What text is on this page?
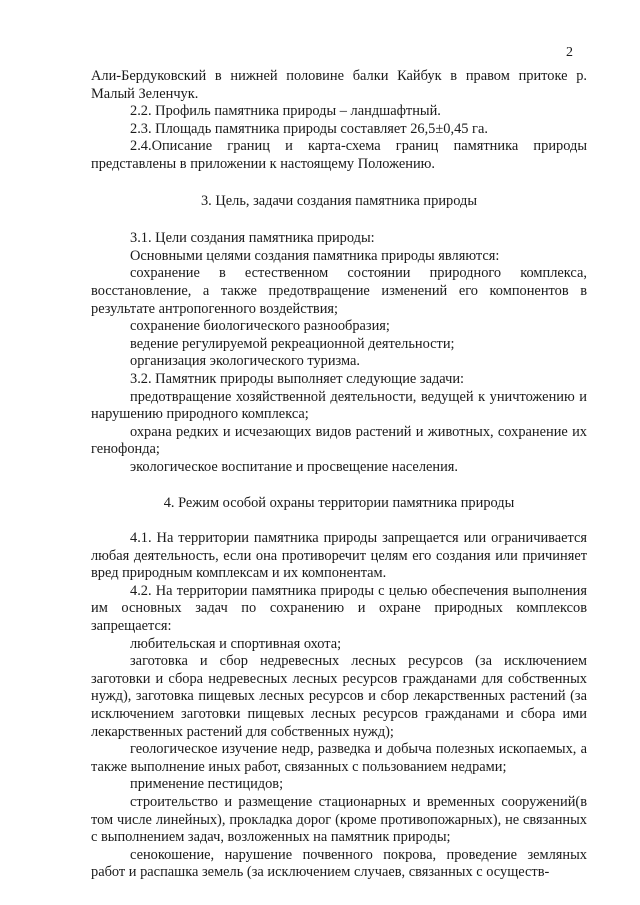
2

Али-Бердуковский в нижней половине балки Кайбук в правом притоке р. Малый Зеленчук.

2.2. Профиль памятника природы – ландшафтный.

2.3. Площадь памятника природы составляет 26,5±0,45 га.

2.4.Описание границ и карта-схема границ памятника природы представлены в приложении к настоящему Положению.

3. Цель, задачи создания памятника природы

3.1. Цели создания памятника природы:

Основными целями создания памятника природы являются:

сохранение в естественном состоянии природного комплекса, восстановление, а также предотвращение изменений его компонентов в результате антропогенного воздействия;

сохранение биологического разнообразия;

ведение регулируемой рекреационной деятельности;

организация экологического туризма.

3.2. Памятник природы выполняет следующие задачи:

предотвращение хозяйственной деятельности, ведущей к уничтожению и нарушению природного комплекса;

охрана редких и исчезающих видов растений и животных, сохранение их генофонда;

экологическое воспитание и просвещение населения.

4. Режим особой охраны территории памятника природы

4.1. На территории памятника природы запрещается или ограничивается любая деятельность, если она противоречит целям его создания или причиняет вред природным комплексам и их компонентам.

4.2. На территории памятника природы с целью обеспечения выполнения им основных задач по сохранению и охране природных комплексов запрещается:

любительская и спортивная охота;

заготовка и сбор недревесных лесных ресурсов (за исключением заготовки и сбора недревесных лесных ресурсов гражданами для собственных нужд), заготовка пищевых лесных ресурсов и сбор лекарственных растений (за исключением заготовки пищевых лесных ресурсов гражданами и сбора ими лекарственных растений для собственных нужд);

геологическое изучение недр, разведка и добыча полезных ископаемых, а также выполнение иных работ, связанных с пользованием недрами;

применение пестицидов;

строительство и размещение стационарных и временных сооружений(в том числе линейных), прокладка дорог (кроме противопожарных), не связанных с выполнением задач, возложенных на памятник природы;

сенокошение, нарушение почвенного покрова, проведение земляных работ и распашка земель (за исключением случаев, связанных с осуществ-
